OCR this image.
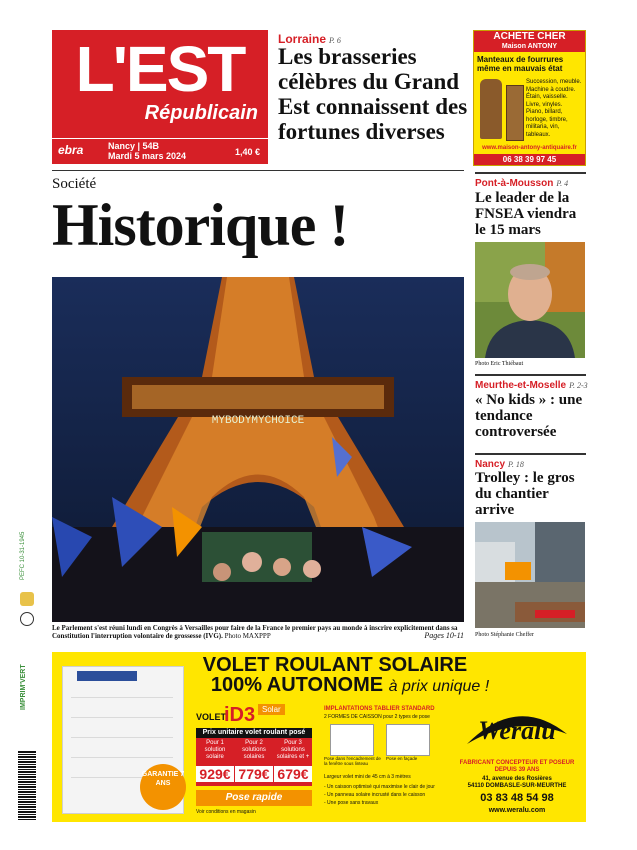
L'EST
Républicain
ebra	Nancy | 54B
Mardi 5 mars 2024	1,40 €
Lorraine P. 6
Les brasseries célèbres du Grand Est connaissent des fortunes diverses
ACHÈTE CHER
Maison ANTONY
Manteaux de fourrures même en mauvais état
Succession, meuble.
Machine à coudre.
Étain, vaisselle.
Livre, vinyles.
Piano, billard,
horloge, timbre,
militaria, vin, tableaux.
www.maison-antony-antiquaire.fr
06 38 39 97 45
Société
Historique !
MYBODYMYCHOICE
Le Parlement s'est réuni lundi en Congrès à Versailles pour faire de la France le premier pays au monde à inscrire explicitement dans sa Constitution l'interruption volontaire de grossesse (IVG). Photo MAXPPP	Pages 10-11
Pont-à-Mousson P. 4
Le leader de la FNSEA viendra le 15 mars
Photo Eric Thiébaut
Meurthe-et-Moselle P. 2-3
« No kids » : une tendance controversée
Nancy P. 18
Trolley : le gros du chantier arrive
Photo Stéphanie Cheffer
GARANTIE 7 ANS
VOLET ROULANT SOLAIRE
100% AUTONOME à prix unique !
VOLET
iD3 Solar
Prix unitaire volet roulant posé
Pour 1 solution solaire
Pour 2 solutions solaires
Pour 3 solutions solaires et +
929€ 779€ 679€
Pose rapide
Voir conditions en magasin
IMPLANTATIONS TABLIER STANDARD
2 FORMES DE CAISSON pour 2 types de pose
Pose dans l'encadrement de la fenêtre sous linteau
Pose en façade
Largeur volet mini de 45 cm à 3 mètres
- Un caisson optimisé qui maximise le clair de jour
- Un panneau solaire incrusté dans le caisson
- Une pose sans travaux
Weralu
FABRICANT CONCEPTEUR ET POSEUR DEPUIS 39 ANS
41, avenue des Rosières
54110 DOMBASLE-SUR-MEURTHE
03 83 48 54 98
www.weralu.com
PEFC 10-31-1945
IMPRIM'VERT
